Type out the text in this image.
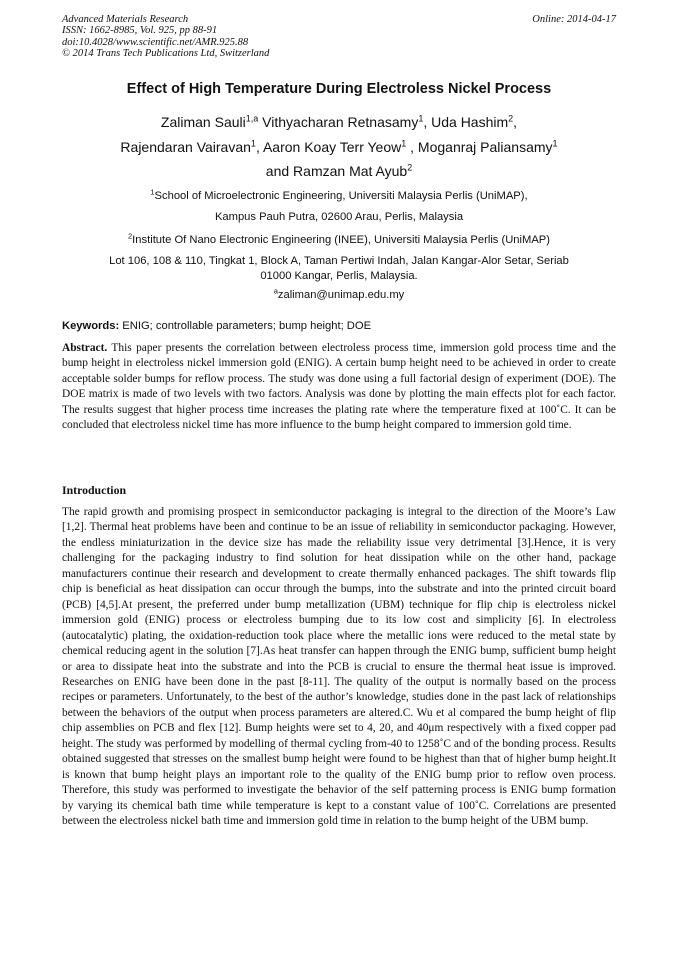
Advanced Materials Research
ISSN: 1662-8985, Vol. 925, pp 88-91
doi:10.4028/www.scientific.net/AMR.925.88
© 2014 Trans Tech Publications Ltd, Switzerland
Online: 2014-04-17
Effect of High Temperature During Electroless Nickel Process
Zaliman Sauli$^{1,a}$ Vithyacharan Retnasamy$^1$, Uda Hashim$^2$,
Rajendaran Vairavan$^1$, Aaron Koay Terr Yeow$^1$ , Moganraj Paliansamy$^1$
and Ramzan Mat Ayub$^2$
$^1$School of Microelectronic Engineering, Universiti Malaysia Perlis (UniMAP),
Kampus Pauh Putra, 02600 Arau, Perlis, Malaysia
$^2$Institute Of Nano Electronic Engineering (INEE), Universiti Malaysia Perlis (UniMAP)
Lot 106, 108 & 110, Tingkat 1, Block A, Taman Pertiwi Indah, Jalan Kangar-Alor Setar, Seriab
01000 Kangar, Perlis, Malaysia.
$^a$zaliman@unimap.edu.my
Keywords: ENIG; controllable parameters; bump height; DOE
Abstract. This paper presents the correlation between electroless process time, immersion gold process time and the bump height in electroless nickel immersion gold (ENIG). A certain bump height need to be achieved in order to create acceptable solder bumps for reflow process. The study was done using a full factorial design of experiment (DOE). The DOE matrix is made of two levels with two factors. Analysis was done by plotting the main effects plot for each factor. The results suggest that higher process time increases the plating rate where the temperature fixed at 100˚C. It can be concluded that electroless nickel time has more influence to the bump height compared to immersion gold time.
Introduction
The rapid growth and promising prospect in semiconductor packaging is integral to the direction of the Moore’s Law [1,2]. Thermal heat problems have been and continue to be an issue of reliability in semiconductor packaging. However, the endless miniaturization in the device size has made the reliability issue very detrimental [3].Hence, it is very challenging for the packaging industry to find solution for heat dissipation while on the other hand, package manufacturers continue their research and development to create thermally enhanced packages. The shift towards flip chip is beneficial as heat dissipation can occur through the bumps, into the substrate and into the printed circuit board (PCB) [4,5].At present, the preferred under bump metallization (UBM) technique for flip chip is electroless nickel immersion gold (ENIG) process or electroless bumping due to its low cost and simplicity [6]. In electroless (autocatalytic) plating, the oxidation-reduction took place where the metallic ions were reduced to the metal state by chemical reducing agent in the solution [7].As heat transfer can happen through the ENIG bump, sufficient bump height or area to dissipate heat into the substrate and into the PCB is crucial to ensure the thermal heat issue is improved. Researches on ENIG have been done in the past [8-11]. The quality of the output is normally based on the process recipes or parameters. Unfortunately, to the best of the author’s knowledge, studies done in the past lack of relationships between the behaviors of the output when process parameters are altered.C. Wu et al compared the bump height of flip chip assemblies on PCB and flex [12]. Bump heights were set to 4, 20, and 40μm respectively with a fixed copper pad height. The study was performed by modelling of thermal cycling from-40 to 1258˚C and of the bonding process. Results obtained suggested that stresses on the smallest bump height were found to be highest than that of higher bump height.It is known that bump height plays an important role to the quality of the ENIG bump prior to reflow oven process. Therefore, this study was performed to investigate the behavior of the self patterning process is ENIG bump formation by varying its chemical bath time while temperature is kept to a constant value of 100˚C. Correlations are presented between the electroless nickel bath time and immersion gold time in relation to the bump height of the UBM bump.
